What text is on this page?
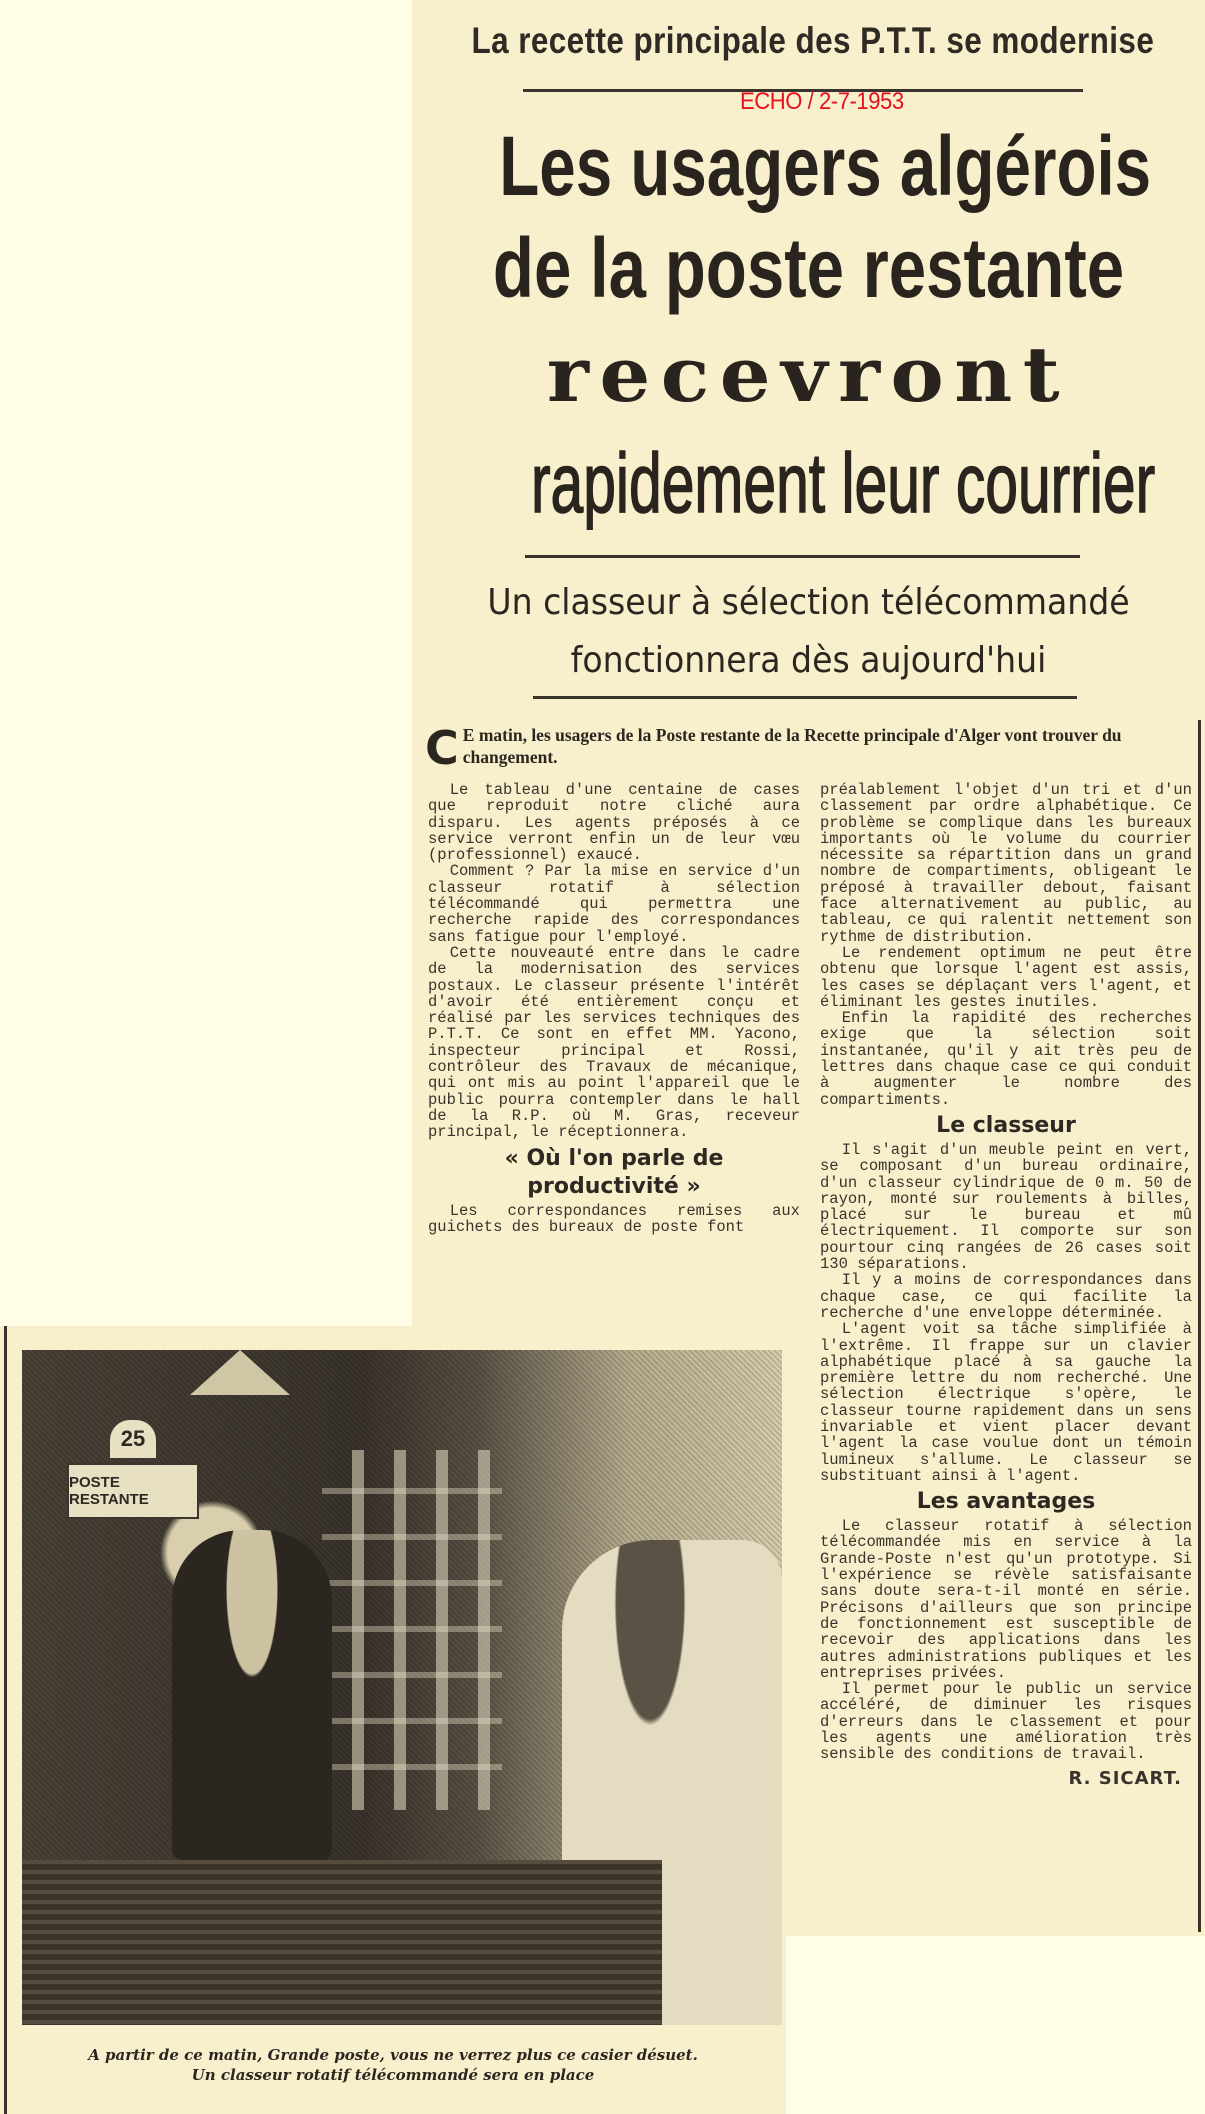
La recette principale des P.T.T. se modernise
ECHO / 2-7-1953
Les usagers algérois
de la poste restante
recevront
rapidement leur courrier
Un classeur à sélection télécommandé
fonctionnera dès aujourd'hui
C E matin, les usagers de la Poste restante de la Recette principale d'Alger vont trouver du changement.

Le tableau d'une centaine de cases que reproduit notre cliché aura disparu. Les agents préposés à ce service verront enfin un de leur vœu (professionnel) exaucé.

Comment ? Par la mise en service d'un classeur rotatif à sélection télécommandé qui permettra une recherche rapide des correspondances sans fatigue pour l'employé.

Cette nouveauté entre dans le cadre de la modernisation des services postaux. Le classeur présente l'intérêt d'avoir été entièrement conçu et réalisé par les services techniques des P.T.T. Ce sont en effet MM. Yacono, inspecteur principal et Rossi, contrôleur des Travaux de mécanique, qui ont mis au point l'appareil que le public pourra contempler dans le hall de la R.P. où M. Gras, receveur principal, le réceptionnera.

« Où l'on parle de productivité »

Les correspondances remises aux guichets des bureaux de poste font

préalablement l'objet d'un tri et d'un classement par ordre alphabétique. Ce problème se complique dans les bureaux importants où le volume du courrier nécessite sa répartition dans un grand nombre de compartiments, obligeant le préposé à travailler debout, faisant face alternativement au public, au tableau, ce qui ralentit nettement son rythme de distribution.

Le rendement optimum ne peut être obtenu que lorsque l'agent est assis, les cases se déplaçant vers l'agent, et éliminant les gestes inutiles.

Enfin la rapidité des recherches exige que la sélection soit instantanée, qu'il y ait très peu de lettres dans chaque case ce qui conduit à augmenter le nombre des compartiments.

Le classeur

Il s'agit d'un meuble peint en vert, se composant d'un bureau ordinaire, d'un classeur cylindrique de 0 m. 50 de rayon, monté sur roulements à billes, placé sur le bureau et mû électriquement. Il comporte sur son pourtour cinq rangées de 26 cases soit 130 séparations.

Il y a moins de correspondances dans chaque case, ce qui facilite la recherche d'une enveloppe déterminée.

L'agent voit sa tâche simplifiée à l'extrême. Il frappe sur un clavier alphabétique placé à sa gauche la première lettre du nom recherché. Une sélection électrique s'opère, le classeur tourne rapidement dans un sens invariable et vient placer devant l'agent la case voulue dont un témoin lumineux s'allume. Le classeur se substituant ainsi à l'agent.

Les avantages

Le classeur rotatif à sélection télécommandée mis en service à la Grande-Poste n'est qu'un prototype. Si l'expérience se révèle satisfaisante sans doute sera-t-il monté en série. Précisons d'ailleurs que son principe de fonctionnement est susceptible de recevoir des applications dans les autres administrations publiques et les entreprises privées.

Il permet pour le public un service accéléré, de diminuer les risques d'erreurs dans le classement et pour les agents une amélioration très sensible des conditions de travail.

R. SICART.
25
POSTE RESTANTE
A partir de ce matin, Grande poste, vous ne verrez plus ce casier désuet.
Un classeur rotatif télécommandé sera en place
